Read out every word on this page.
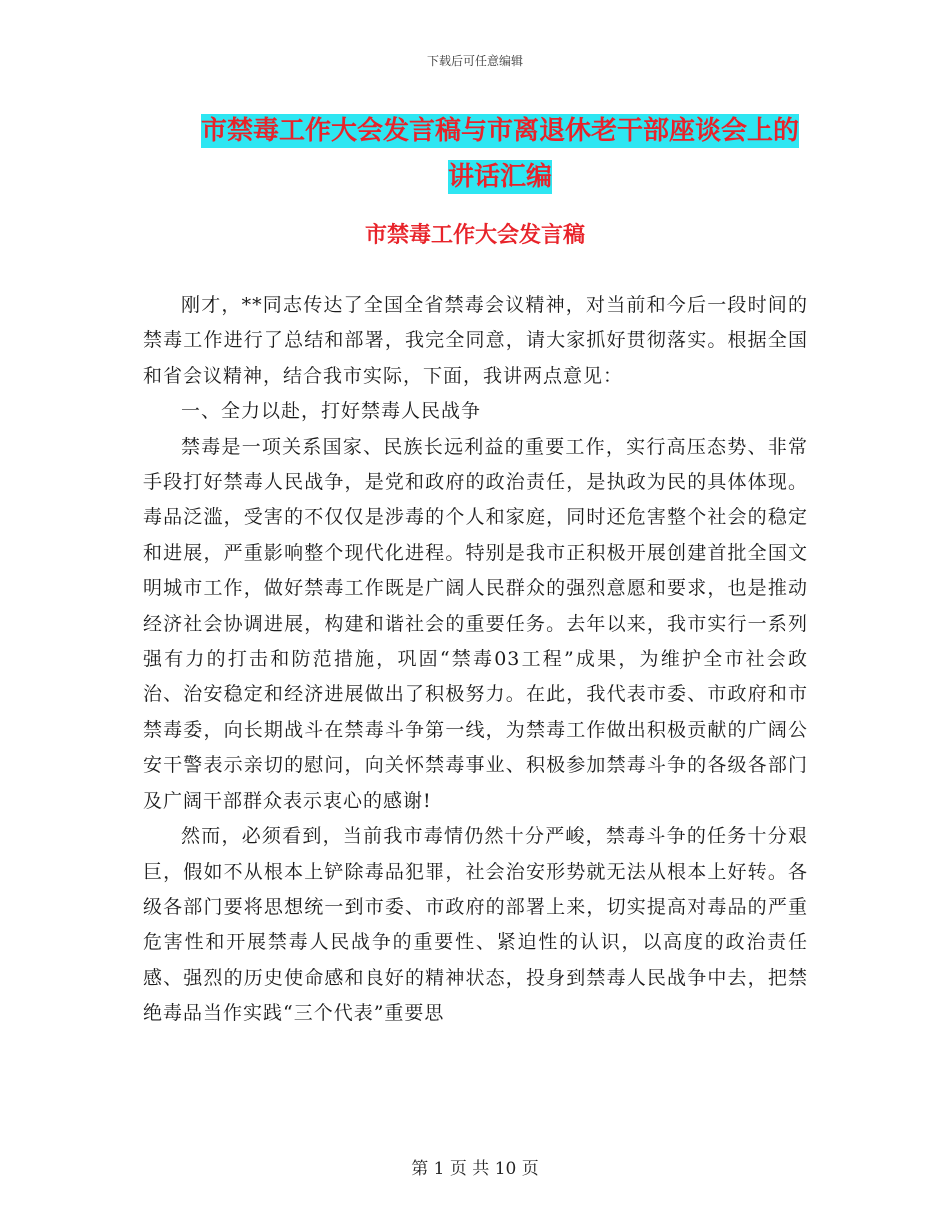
下载后可任意编辑
市禁毒工作大会发言稿与市离退休老干部座谈会上的
讲话汇编
市禁毒工作大会发言稿

刚才，**同志传达了全国全省禁毒会议精神，对当前和今后一段时间的禁毒工作进行了总结和部署，我完全同意，请大家抓好贯彻落实。根据全国和省会议精神，结合我市实际，下面，我讲两点意见：

一、全力以赴，打好禁毒人民战争

禁毒是一项关系国家、民族长远利益的重要工作，实行高压态势、非常手段打好禁毒人民战争，是党和政府的政治责任，是执政为民的具体体现。毒品泛滥，受害的不仅仅是涉毒的个人和家庭，同时还危害整个社会的稳定和进展，严重影响整个现代化进程。特别是我市正积极开展创建首批全国文明城市工作，做好禁毒工作既是广阔人民群众的强烈意愿和要求，也是推动经济社会协调进展，构建和谐社会的重要任务。去年以来，我市实行一系列强有力的打击和防范措施，巩固“禁毒03工程”成果，为维护全市社会政治、治安稳定和经济进展做出了积极努力。在此，我代表市委、市政府和市禁毒委，向长期战斗在禁毒斗争第一线，为禁毒工作做出积极贡献的广阔公安干警表示亲切的慰问，向关怀禁毒事业、积极参加禁毒斗争的各级各部门及广阔干部群众表示衷心的感谢!

然而，必须看到，当前我市毒情仍然十分严峻，禁毒斗争的任务十分艰巨，假如不从根本上铲除毒品犯罪，社会治安形势就无法从根本上好转。各级各部门要将思想统一到市委、市政府的部署上来，切实提高对毒品的严重危害性和开展禁毒人民战争的重要性、紧迫性的认识，以高度的政治责任感、强烈的历史使命感和良好的精神状态，投身到禁毒人民战争中去，把禁绝毒品当作实践“三个代表”重要思

第 1 页 共 10 页
